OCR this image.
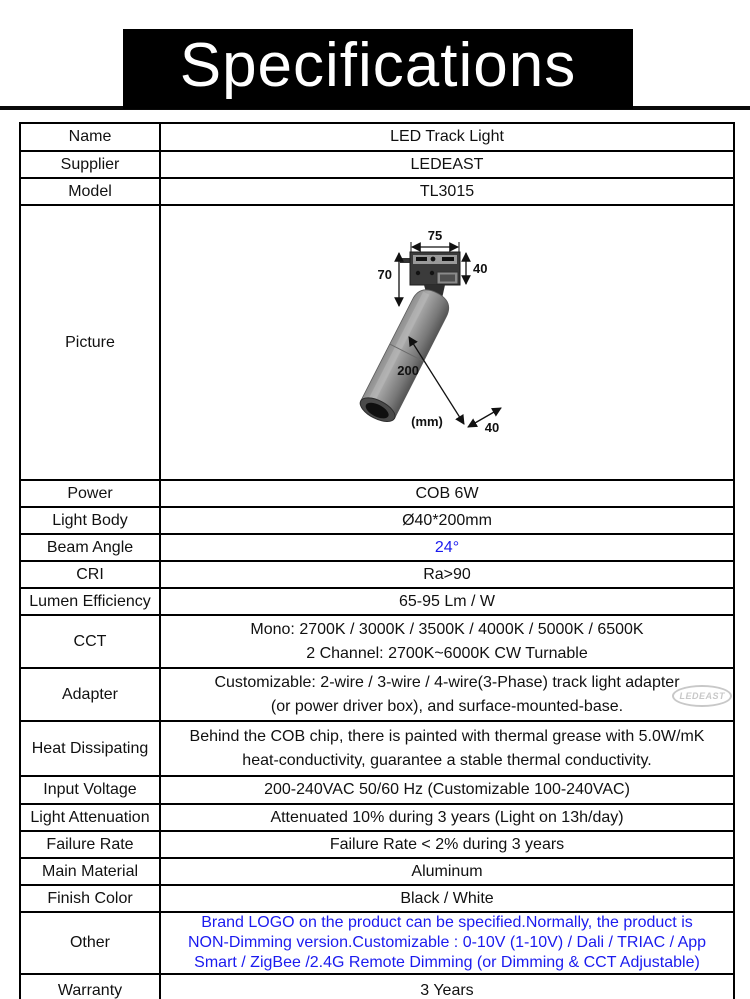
Specifications
Name	LED Track Light
Supplier	LEDEAST
Model	TL3015
Picture	
75
40
70
200
(mm)	40

Power	COB 6W
Light Body	Ø40*200mm
Beam Angle	24°
CRI	Ra>90
Lumen Efficiency	65-95 Lm / W
CCT	Mono: 2700K / 3000K / 3500K / 4000K / 5000K / 6500K
2 Channel: 2700K~6000K CW Turnable

Adapter	Customizable: 2-wire / 3-wire / 4-wire(3-Phase) track light adapter
(or power driver box), and surface-mounted-base.
LEDEAST

Heat Dissipating	Behind the COB chip, there is painted with thermal grease with 5.0W/mK
heat-conductivity, guarantee a stable thermal conductivity.

Input Voltage	200-240VAC 50/60 Hz (Customizable 100-240VAC)
Light Attenuation	Attenuated 10% during 3 years (Light on 13h/day)
Failure Rate	Failure Rate < 2% during 3 years
Main Material	Aluminum
Finish Color	Black / White
Other	Brand LOGO on the product can be specified.Normally, the product is
NON-Dimming version.Customizable : 0-10V (1-10V) / Dali / TRIAC / App
Smart / ZigBee /2.4G Remote Dimming (or Dimming & CCT Adjustable)

Warranty	3 Years
